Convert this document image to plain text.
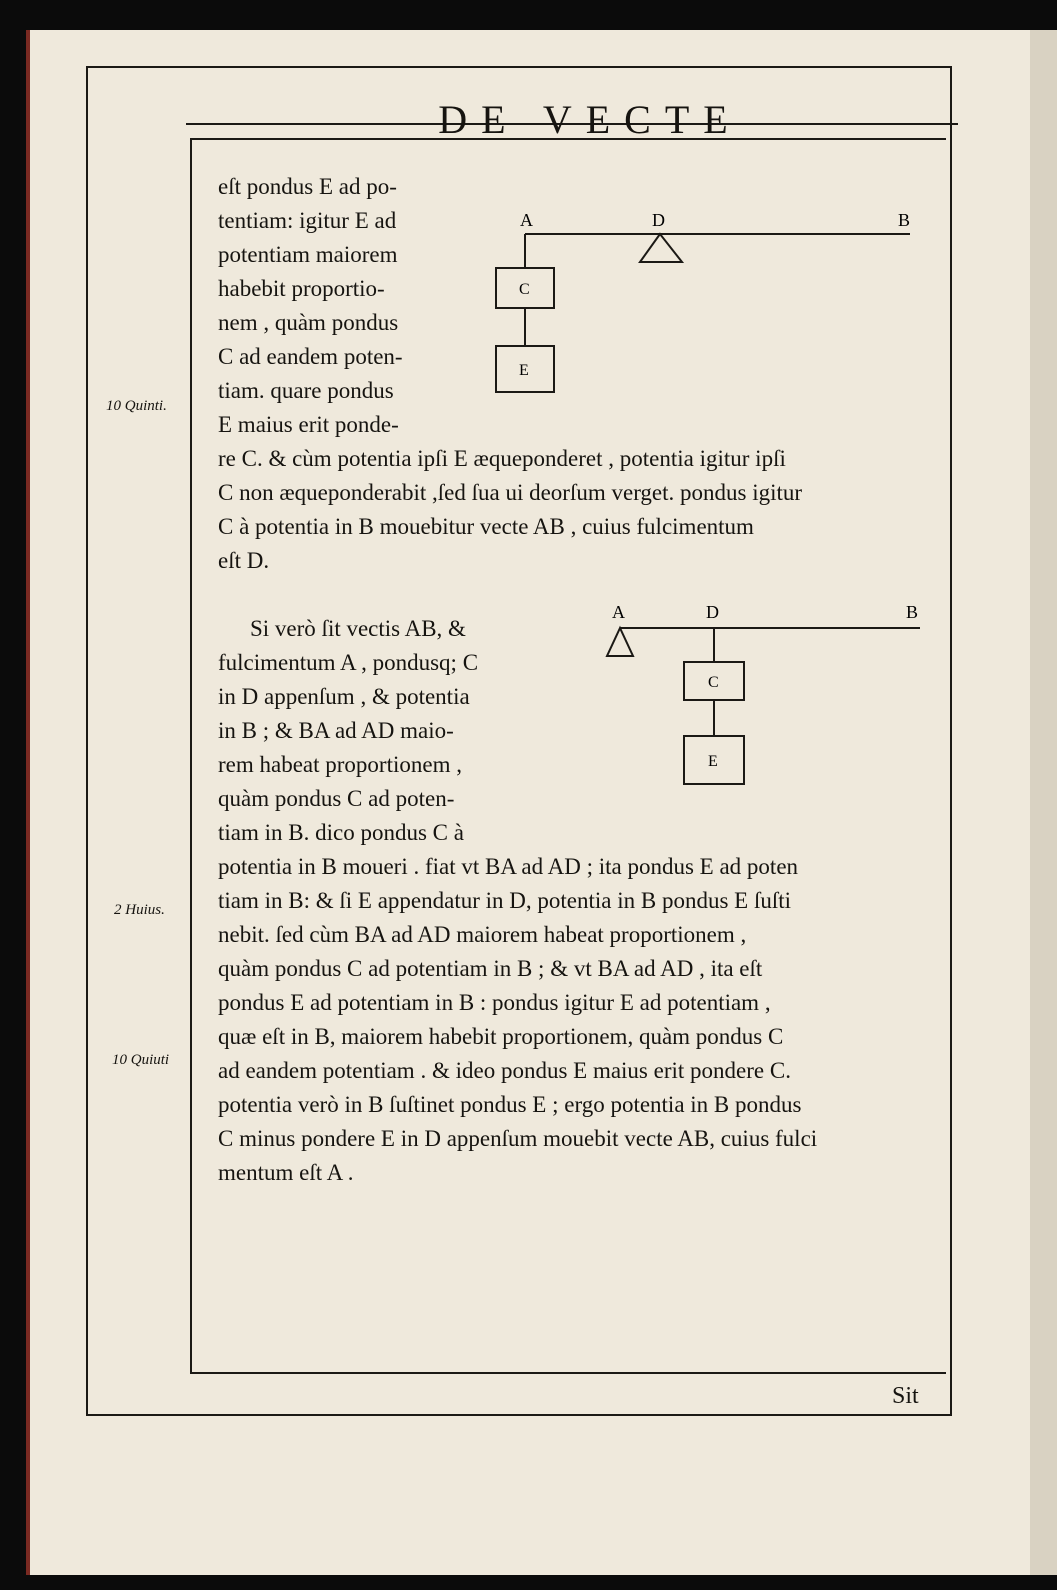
DE VECTE
10 Quinti.
2 Huius.
10 Quiuti
eſt pondus E ad po-
tentiam: igitur E ad
potentiam maiorem
habebit proportio-
nem , quàm pondus
C ad eandem poten-
tiam. quare pondus
E maius erit ponde-
re C. & cùm potentia ipſi E æqueponderet , potentia igitur ipſi
C non æqueponderabit ,ſed ſua ui deorſum verget. pondus igitur
C à potentia in B mouebitur vecte AB , cuius fulcimentum
eſt D.
Si verò ſit vectis AB, &
fulcimentum A , pondusq; C
in D appenſum , & potentia
in B ; & BA ad AD maio-
rem habeat proportionem ,
quàm pondus C ad poten-
tiam in B. dico pondus C à
potentia in B moueri . fiat vt BA ad AD ; ita pondus E ad poten
tiam in B: & ſi E appendatur in D, potentia in B pondus E ſuſti
nebit. ſed cùm BA ad AD maiorem habeat proportionem ,
quàm pondus C ad potentiam in B ; & vt BA ad AD , ita eſt
pondus E ad potentiam in B : pondus igitur E ad potentiam ,
quæ eſt in B, maiorem habebit proportionem, quàm pondus C
ad eandem potentiam . & ideo pondus E maius erit pondere C.
potentia verò in B ſuſtinet pondus E ; ergo potentia in B pondus
C minus pondere E in D appenſum mouebit vecte AB, cuius fulci
mentum eſt A .
A	D	B
C
E
A	D	B
C
E
Sit
